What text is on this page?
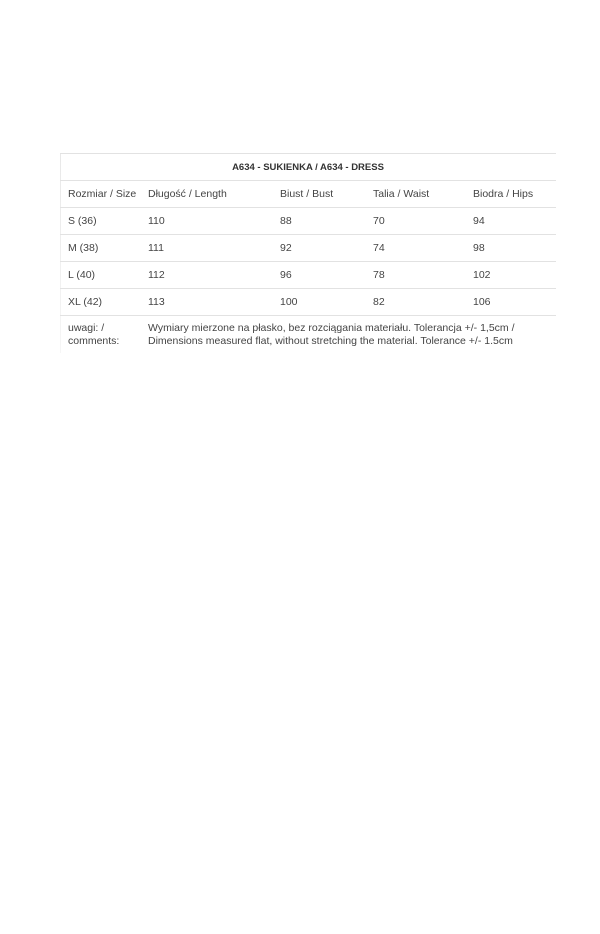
A634 - SUKIENKA / A634 - DRESS				
Rozmiar / Size	Długość / Length	Biust / Bust	Talia / Waist	Biodra / Hips
S (36)	110	88	70	94
M (38)	111	92	74	98
L (40)	112	96	78	102
XL (42)	113	100	82	106
uwagi: / comments:	Wymiary mierzone na płasko, bez rozciągania materiału. Tolerancja +/- 1,5cm / Dimensions measured flat, without stretching the material. Tolerance +/- 1.5cm			
